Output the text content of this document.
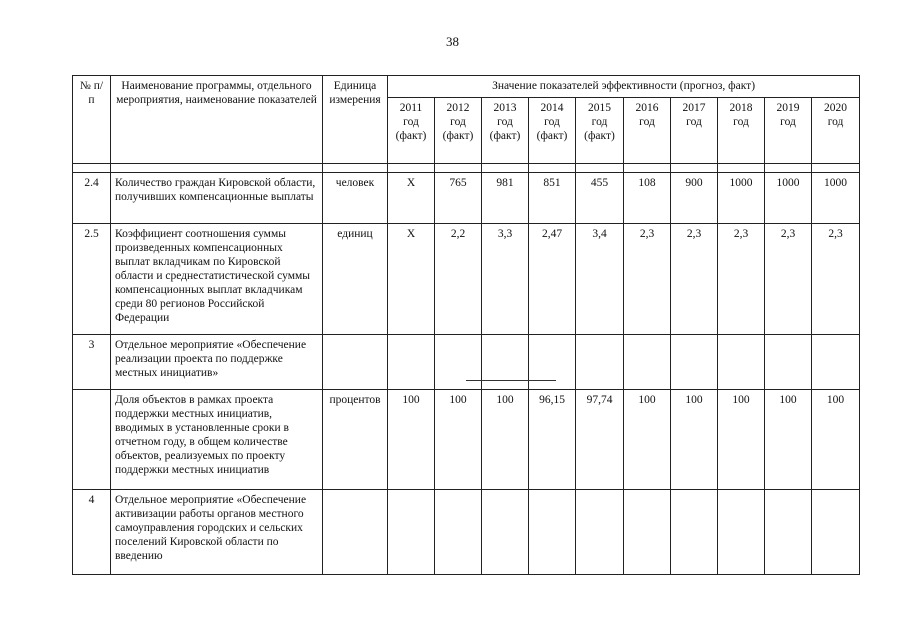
38
№ п/п	Наименование программы, отдельного мероприятия, наименование показателей	Единица измерения	Значение показателей эффективности (прогноз, факт)									
			2011 год (факт)	2012 год (факт)	2013 год (факт)	2014 год (факт)	2015 год (факт)	2016 год	2017 год	2018 год	2019 год	2020 год

2.4	Количество граждан Кировской области, получивших компенсационные выплаты	человек	X	765	981	851	455	108	900	1000	1000	1000
2.5	Коэффициент соотношения суммы произведенных компенсационных выплат вкладчикам по Кировской области и среднестатистической суммы компенсационных выплат вкладчикам среди 80 регионов Российской Федерации	единиц	X	2,2	3,3	2,47	3,4	2,3	2,3	2,3	2,3	2,3
3	Отдельное мероприятие «Обеспечение реализации проекта по поддержке местных инициатив»											
	Доля объектов в рамках проекта поддержки местных инициатив, вводимых в установленные сроки в отчетном году, в общем количестве объектов, реализуемых по проекту поддержки местных инициатив	процентов	100	100	100	96,15	97,74	100	100	100	100	100
4	Отдельное мероприятие «Обеспечение активизации работы органов местного самоуправления городских и сельских поселений Кировской области по введению											
